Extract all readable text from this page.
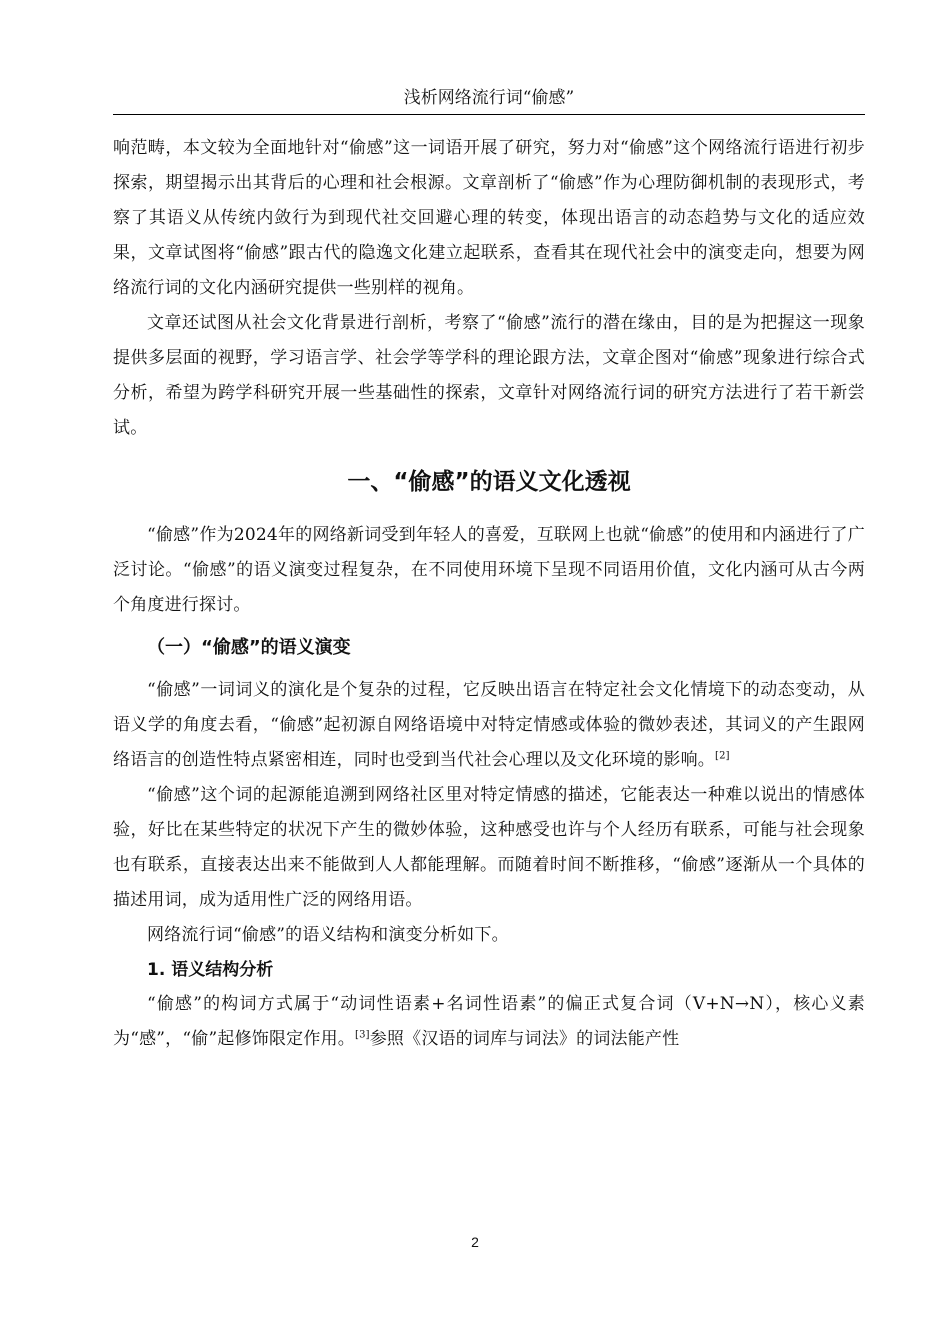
浅析网络流行词“偷感”

响范畴，本文较为全面地针对“偷感”这一词语开展了研究，努力对“偷感”这个网络流行语进行初步探索，期望揭示出其背后的心理和社会根源。文章剖析了“偷感”作为心理防御机制的表现形式，考察了其语义从传统内敛行为到现代社交回避心理的转变，体现出语言的动态趋势与文化的适应效果，文章试图将“偷感”跟古代的隐逸文化建立起联系，查看其在现代社会中的演变走向，想要为网络流行词的文化内涵研究提供一些别样的视角。

文章还试图从社会文化背景进行剖析，考察了“偷感”流行的潜在缘由，目的是为把握这一现象提供多层面的视野，学习语言学、社会学等学科的理论跟方法，文章企图对“偷感”现象进行综合式分析，希望为跨学科研究开展一些基础性的探索，文章针对网络流行词的研究方法进行了若干新尝试。

一、“偷感”的语义文化透视

“偷感”作为2024年的网络新词受到年轻人的喜爱，互联网上也就“偷感”的使用和内涵进行了广泛讨论。“偷感”的语义演变过程复杂，在不同使用环境下呈现不同语用价值，文化内涵可从古今两个角度进行探讨。

（一）“偷感”的语义演变

“偷感”一词词义的演化是个复杂的过程，它反映出语言在特定社会文化情境下的动态变动，从语义学的角度去看，“偷感”起初源自网络语境中对特定情感或体验的微妙表述，其词义的产生跟网络语言的创造性特点紧密相连，同时也受到当代社会心理以及文化环境的影响。[2]

“偷感”这个词的起源能追溯到网络社区里对特定情感的描述，它能表达一种难以说出的情感体验，好比在某些特定的状况下产生的微妙体验，这种感受也许与个人经历有联系，可能与社会现象也有联系，直接表达出来不能做到人人都能理解。而随着时间不断推移，“偷感”逐渐从一个具体的描述用词，成为适用性广泛的网络用语。

网络流行词“偷感”的语义结构和演变分析如下。

1. 语义结构分析

“偷感”的构词方式属于“动词性语素+名词性语素”的偏正式复合词（V+N→N），核心义素为“感”，“偷”起修饰限定作用。[3]参照《汉语的词库与词法》的词法能产性

2
